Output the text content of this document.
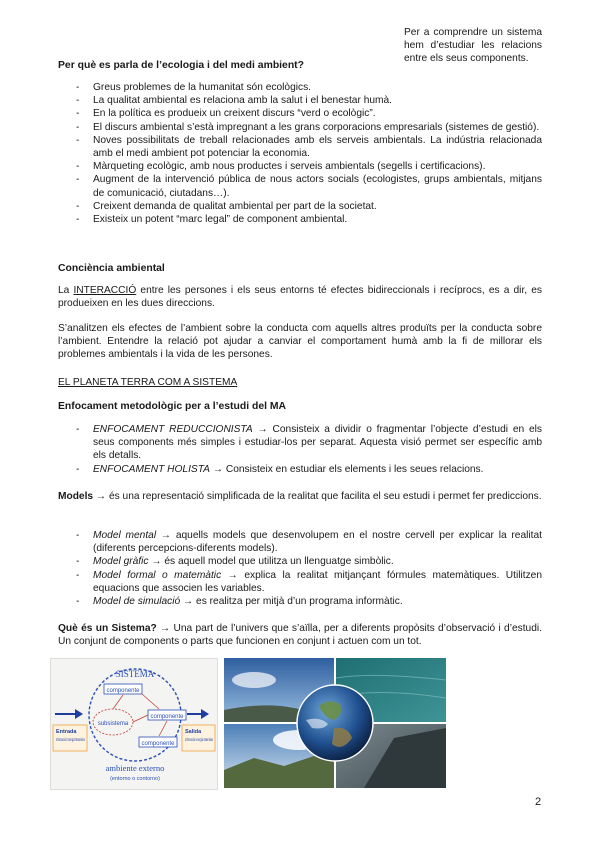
Per què es parla de l’ecologia i del medi ambient?

- Greus problemes de la humanitat són ecològics.
- La qualitat ambiental es relaciona amb la salut i el benestar humà.
- En la política es produeix un creixent discurs “verd o ecològic”.
- El discurs ambiental s’està impregnant a les grans corporacions empresarials (sistemes de gestió).
- Noves possibilitats de treball relacionades amb els serveis ambientals. La indústria relacionada amb el medi ambient pot potenciar la economia.
- Màrqueting ecològic, amb nous productes i serveis ambientals (segells i certificacions).
- Augment de la intervenció pública de nous actors socials (ecologistes, grups ambientals, mitjans de comunicació, ciutadans…).
- Creixent demanda de qualitat ambiental per part de la societat.
- Existeix un potent “marc legal” de component ambiental.

Conciència ambiental

La INTERACCIÓ entre les persones i els seus entorns té efectes bidireccionals i recíprocs, es a dir, es produeixen en les dues direccions.

S’analitzen els efectes de l’ambient sobre la conducta com aquells altres produïts per la conducta sobre l’ambient. Entendre la relació pot ajudar a canviar el comportament humà amb la fi de millorar els problemes ambientals i la vida de les persones.

EL PLANETA TERRA COM A SISTEMA

Enfocament metodològic per a l’estudi del MA

- ENFOCAMENT REDUCCIONISTA → Consisteix a dividir o fragmentar l’objecte d’estudi en els seus components més simples i estudiar-los per separat. Aquesta visió permet ser específic amb els detalls.
- ENFOCAMENT HOLISTA → Consisteix en estudiar els elements i les seues relacions.

Models → és una representació simplificada de la realitat que facilita el seu estudi i permet fer prediccions.

- Model mental → aquells models que desenvolupem en el nostre cervell per explicar la realitat (diferents percepcions-diferents models).
- Model gràfic → és aquell model que utilitza un llenguatge simbòlic.
- Model formal o matemàtic → explica la realitat mitjançant fórmules matemàtiques. Utilitzen equacions que associen les variables.
- Model de simulació → es realitza per mitjà d’un programa informàtic.

Què és un Sistema? → Una part de l’univers que s’aïlla, per a diferents propòsits d’observació i d’estudi. Un conjunt de components o parts que funcionen en conjunt i actuen com un tot.

SISTEMA
componente
componente
componente
subsistema
Entrada
Información Energía Materiales
Salida
Información energía Materiales
ambiente externo
(entorno o contorno)
Per a comprendre un sistema hem d’estudiar les relacions entre els seus components.
2
